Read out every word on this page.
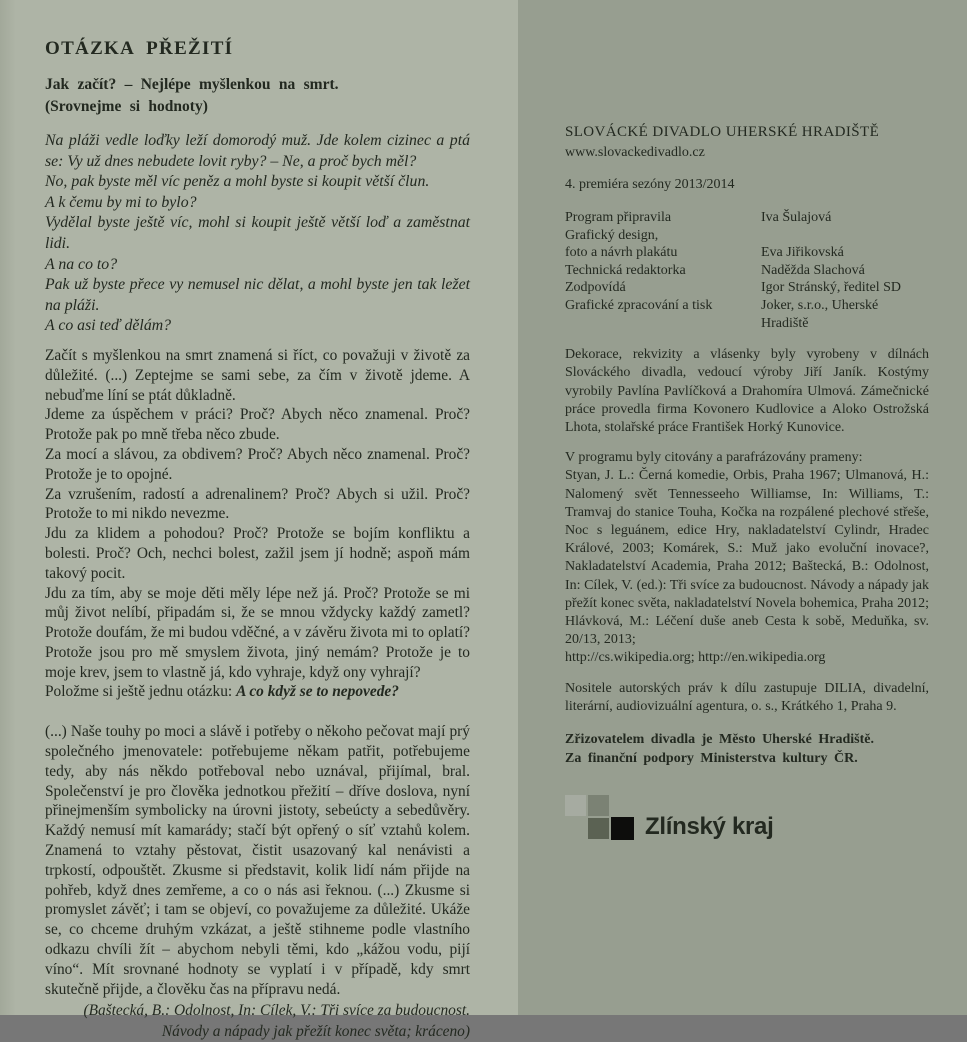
OTÁZKA PŘEŽITÍ
Jak začít? – Nejlépe myšlenkou na smrt.
(Srovnejme si hodnoty)
Na pláži vedle loďky leží domorodý muž. Jde kolem cizinec a ptá se: Vy už dnes nebudete lovit ryby? – Ne, a proč bych měl?
No, pak byste měl víc peněz a mohl byste si koupit větší člun.
A k čemu by mi to bylo?
Vydělal byste ještě víc, mohl si koupit ještě větší loď a zaměstnat lidi.
A na co to?
Pak už byste přece vy nemusel nic dělat, a mohl byste jen tak ležet na pláži.
A co asi teď dělám?
Začít s myšlenkou na smrt znamená si říct, co považuji v životě za důležité. (...) Zeptejme se sami sebe, za čím v životě jdeme. A nebuďme líní se ptát důkladně.
Jdeme za úspěchem v práci? Proč? Abych něco znamenal. Proč? Protože pak po mně třeba něco zbude.
Za mocí a slávou, za obdivem? Proč? Abych něco znamenal. Proč? Protože je to opojné.
Za vzrušením, radostí a adrenalinem? Proč? Abych si užil. Proč? Protože to mi nikdo nevezme.
Jdu za klidem a pohodou? Proč? Protože se bojím konfliktu a bolesti. Proč? Och, nechci bolest, zažil jsem jí hodně; aspoň mám takový pocit.
Jdu za tím, aby se moje děti měly lépe než já. Proč? Protože se mi můj život nelíbí, připadám si, že se mnou vždycky každý zametl? Protože doufám, že mi budou vděčné, a v závěru života mi to oplatí? Protože jsou pro mě smyslem života, jiný nemám? Protože je to moje krev, jsem to vlastně já, kdo vyhraje, když ony vyhrají?
Položme si ještě jednu otázku: A co když se to nepovede?
(...) Naše touhy po moci a slávě i potřeby o někoho pečovat mají prý společného jmenovatele: potřebujeme někam patřit, potřebujeme tedy, aby nás někdo potřeboval nebo uznával, přijímal, bral. Společenství je pro člověka jednotkou přežití – dříve doslova, nyní přinejmenším symbolicky na úrovni jistoty, sebeúcty a sebedůvěry. Každý nemusí mít kamarády; stačí být opřený o síť vztahů kolem. Znamená to vztahy pěstovat, čistit usazovaný kal nenávisti a trpkostí, odpouštět. Zkusme si představit, kolik lidí nám přijde na pohřeb, když dnes zemřeme, a co o nás asi řeknou. (...) Zkusme si promyslet závěť; i tam se objeví, co považujeme za důležité. Ukáže se, co chceme druhým vzkázat, a ještě stihneme podle vlastního odkazu chvíli žít – abychom nebyli těmi, kdo „kážou vodu, pijí víno“. Mít srovnané hodnoty se vyplatí i v případě, kdy smrt skutečně přijde, a člověku čas na přípravu nedá.
(Baštecká, B.: Odolnost, In: Cílek, V.: Tři svíce za budoucnost.
Návody a nápady jak přežít konec světa; kráceno)
SLOVÁCKÉ DIVADLO UHERSKÉ HRADIŠTĚ
www.slovackedivadlo.cz
4. premiéra sezóny 2013/2014
Program připravila	Iva Šulajová
Grafický design,	
foto a návrh plakátu	Eva Jiřikovská
Technická redaktorka	Naděžda Slachová
Zodpovídá	Igor Stránský, ředitel SD
Grafické zpracování a tisk	Joker, s.r.o., Uherské Hradiště
Dekorace, rekvizity a vlásenky byly vyrobeny v dílnách Slováckého divadla, vedoucí výroby Jiří Janík. Kostýmy vyrobily Pavlína Pavlíčková a Drahomíra Ulmová. Zámečnické práce provedla firma Kovonero Kudlovice a Aloko Ostrožská Lhota, stolařské práce František Horký Kunovice.
V programu byly citovány a parafrázovány prameny:
Styan, J. L.: Černá komedie, Orbis, Praha 1967; Ulmanová, H.: Nalomený svět Tennesseeho Williamse, In: Williams, T.: Tramvaj do stanice Touha, Kočka na rozpálené plechové střeše, Noc s leguánem, edice Hry, nakladatelství Cylindr, Hradec Králové, 2003; Komárek, S.: Muž jako evoluční inovace?, Nakladatelství Academia, Praha 2012; Baštecká, B.: Odolnost, In: Cílek, V. (ed.): Tři svíce za budoucnost. Návody a nápady jak přežít konec světa, nakladatelství Novela bohemica, Praha 2012; Hlávková, M.: Léčení duše aneb Cesta k sobě, Meduňka, sv. 20/13, 2013;
http://cs.wikipedia.org; http://en.wikipedia.org
Nositele autorských práv k dílu zastupuje DILIA, divadelní, literární, audiovizuální agentura, o. s., Krátkého 1, Praha 9.
Zřizovatelem divadla je Město Uherské Hradiště.
Za finanční podpory Ministerstva kultury ČR.
Zlínský kraj
